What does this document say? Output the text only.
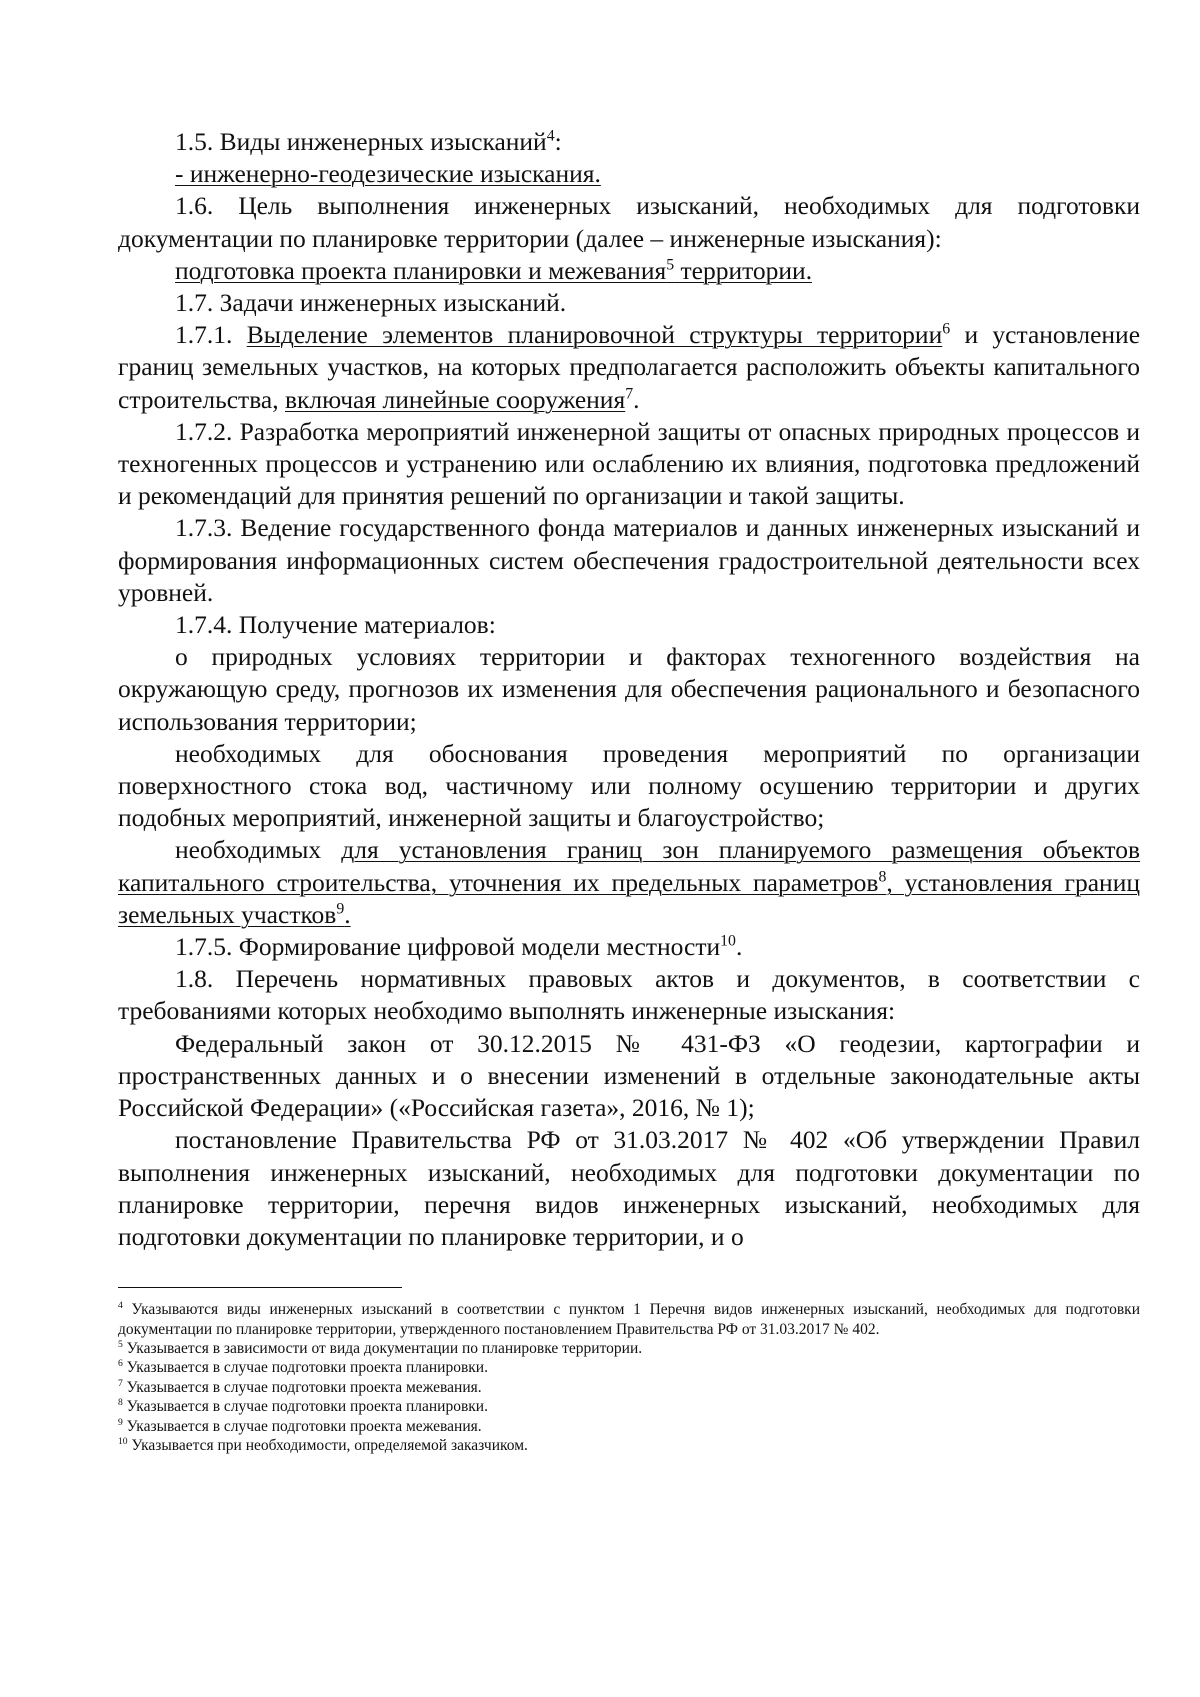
1.5. Виды инженерных изысканий$^4$:

- инженерно-геодезические изыскания.

1.6. Цель выполнения инженерных изысканий, необходимых для подготовки документации по планировке территории (далее – инженерные изыскания):

подготовка проекта планировки и межевания$^5$ территории.

1.7. Задачи инженерных изысканий.

1.7.1. Выделение элементов планировочной структуры территории$^6$ и установление границ земельных участков, на которых предполагается расположить объекты капитального строительства, включая линейные сооружения$^7$.

1.7.2. Разработка мероприятий инженерной защиты от опасных природных процессов и техногенных процессов и устранению или ослаблению их влияния, подготовка предложений и рекомендаций для принятия решений по организации и такой защиты.

1.7.3. Ведение государственного фонда материалов и данных инженерных изысканий и формирования информационных систем обеспечения градостроительной деятельности всех уровней.

1.7.4. Получение материалов:

о природных условиях территории и факторах техногенного воздействия на окружающую среду, прогнозов их изменения для обеспечения рационального и безопасного использования территории;

необходимых для обоснования проведения мероприятий по организации поверхностного стока вод, частичному или полному осушению территории и других подобных мероприятий, инженерной защиты и благоустройство;

необходимых для установления границ зон планируемого размещения объектов капитального строительства, уточнения их предельных параметров$^8$, установления границ земельных участков$^9$.

1.7.5. Формирование цифровой модели местности$^{10}$.

1.8. Перечень нормативных правовых актов и документов, в соответствии с требованиями которых необходимо выполнять инженерные изыскания:

Федеральный закон от 30.12.2015 № 431-ФЗ «О геодезии, картографии и пространственных данных и о внесении изменений в отдельные законодательные акты Российской Федерации» («Российская газета», 2016, № 1);

постановление Правительства РФ от 31.03.2017 № 402 «Об утверждении Правил выполнения инженерных изысканий, необходимых для подготовки документации по планировке территории, перечня видов инженерных изысканий, необходимых для подготовки документации по планировке территории, и о

$^4$ Указываются виды инженерных изысканий в соответствии с пунктом 1 Перечня видов инженерных изысканий, необходимых для подготовки документации по планировке территории, утвержденного постановлением Правительства РФ от 31.03.2017 № 402.

$^5$ Указывается в зависимости от вида документации по планировке территории.

$^6$ Указывается в случае подготовки проекта планировки.

$^7$ Указывается в случае подготовки проекта межевания.

$^8$ Указывается в случае подготовки проекта планировки.

$^9$ Указывается в случае подготовки проекта межевания.

$^{10}$ Указывается при необходимости, определяемой заказчиком.
